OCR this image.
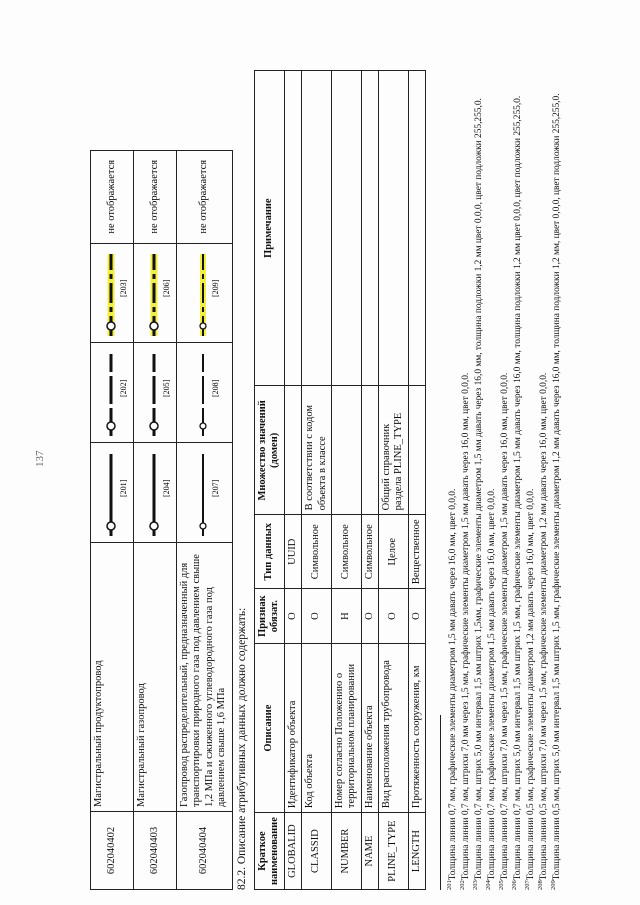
137
602040402	Магистральный продуктопровод	[201]	[202]	[203]	не отображается
602040403	Магистральный газопровод	[204]	[205]	[206]	не отображается
602040404	Газопровод распределительный, предназначенный для транспортировки природного газа под давлением свыше 1,2 МПа и сжиженного углеводородного газа под давлением свыше 1,6 МПа	[207]	[208]	[209]	не отображается
82.2. Описание атрибутивных данных должно содержать: Краткое наименование	Описание	Признак обязат.	Тип данных	Множество значений (домен)	Примечание
GLOBALID	Идентификатор объекта	О	UUID		
CLASSID	Код объекта	О	Символьное	В соответствии с кодом объекта в классе	
NUMBER	Номер согласно Положению о территориальном планировании	Н	Символьное		
NAME	Наименование объекта	О	Символьное		
PLINE_TYPE	Вид расположения трубопровода	О	Целое	Общий справочник раздела PLINE_TYPE	
LENGTH	Протяженность сооружения, км	О	Вещественное		

$^{201}$Толщина линии 0,7 мм, графические элементы диаметром 1,5 мм давать через 16,0 мм, цвет 0,0,0.

$^{202}$Толщина линии 0,7 мм, штрихи 7,0 мм через 1,5 мм, графические элементы диаметром 1,5 мм давать через 16,0 мм, цвет 0,0,0.

$^{203}$Толщина линии 0,7 мм, штрих 5,0 мм интервал 1,5 мм штрих 1,5мм, графические элементы диаметром 1,5 мм давать через 16,0 мм, толщина подложки 1,2 мм цвет 0,0,0, цвет подложки 255,255,0.

$^{204}$Толщина линии 0,7 мм, графические элементы диаметром 1,5 мм давать через 16,0 мм, цвет 0,0,0.

$^{205}$Толщина линии 0,7 мм, штрихи 7,0 мм через 1,5 мм, графические элементы диаметром 1,5 мм давать через 16,0 мм, цвет 0,0,0.

$^{206}$Толщина линии 0,7 мм, штрих 5,0 мм интервал 1,5 мм штрих 1,5 мм, графические элементы диаметром 1,5 мм давать через 16,0 мм, толщина подложки 1,2 мм цвет 0,0,0, цвет подложки 255,255,0.

$^{207}$Толщина линии 0,5 мм, графические элементы диаметром 1,2 мм давать через 16,0 мм, цвет 0,0,0.

$^{208}$Толщина линии 0,5 мм, штрихи 7,0 мм через 1,5 мм, графические элементы диаметром 1,2 мм давать через 16,0 мм, цвет 0,0,0.

$^{209}$Толщина линии 0,5 мм, штрих 5,0 мм интервал 1,5 мм штрих 1,5 мм, графические элементы диаметром 1,2 мм давать через 16,0 мм, толщина подложки 1,2 мм, цвет 0,0,0, цвет подложки 255,255,0.
